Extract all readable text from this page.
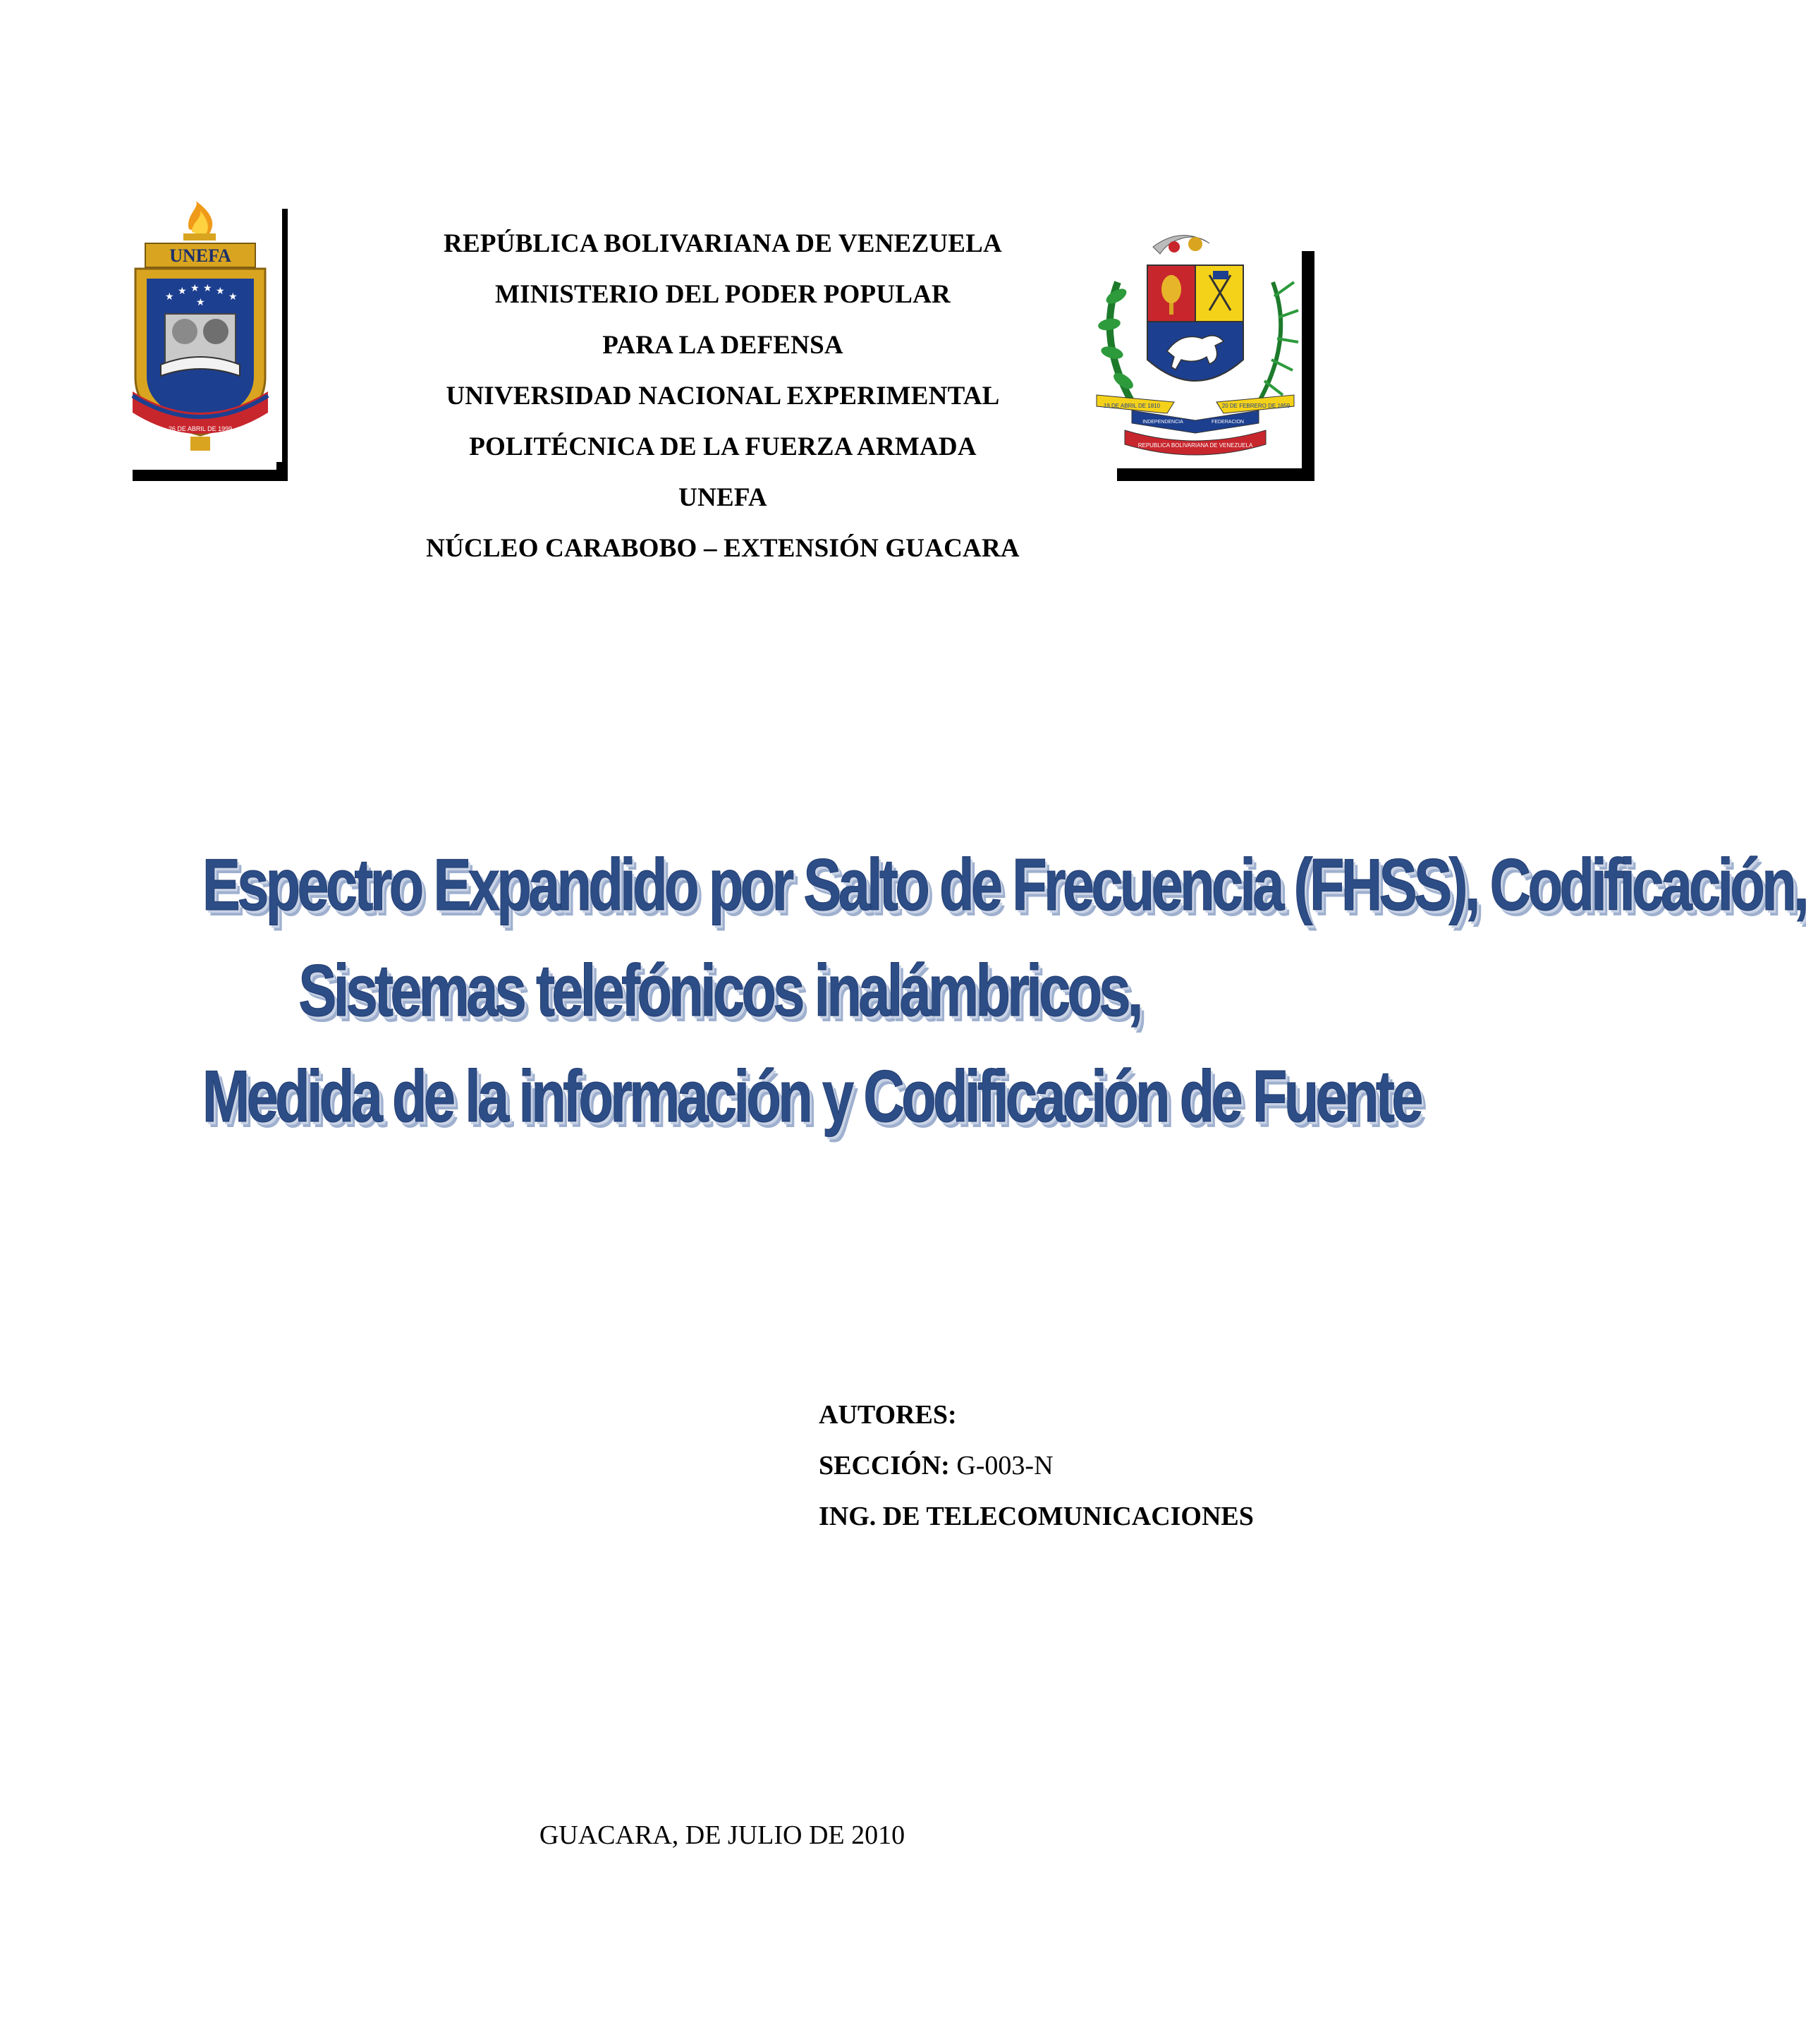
UNEFA
★ ★ ★ ★ ★ ★
★
26 DE ABRIL DE 1999
19 DE ABRIL DE 1810	20 DE FEBRERO DE 1859
INDEPENDENCIA	FEDERACION
REPUBLICA BOLIVARIANA DE VENEZUELA
REPÚBLICA BOLIVARIANA DE VENEZUELA
MINISTERIO DEL PODER POPULAR
PARA LA DEFENSA
UNIVERSIDAD NACIONAL EXPERIMENTAL
POLITÉCNICA DE LA FUERZA ARMADA
UNEFA
NÚCLEO CARABOBO – EXTENSIÓN GUACARA
Espectro Expandido por Salto de Frecuencia (FHSS), Codificación,
Sistemas telefónicos inalámbricos,
Medida de la información y Codificación de Fuente
AUTORES:
SECCIÓN: G-003-N
ING. DE TELECOMUNICACIONES
GUACARA, DE JULIO DE 2010
